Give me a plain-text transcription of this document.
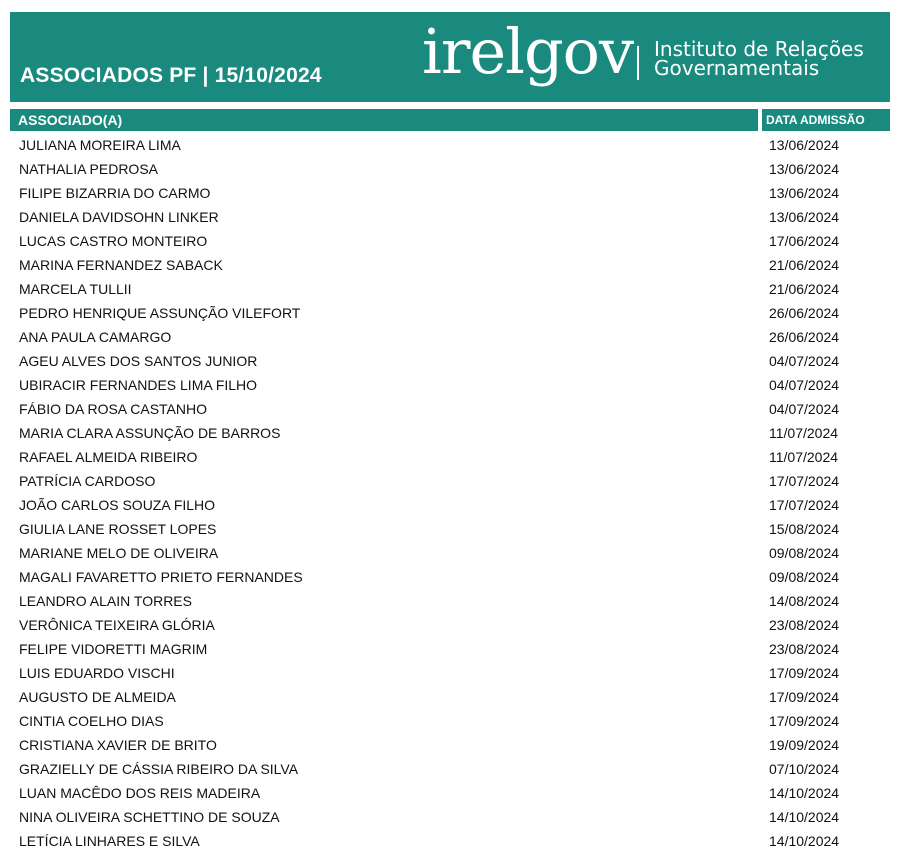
ASSOCIADOS PF | 15/10/2024 irelgov Instituto de Relações
Governamentais
ASSOCIADO(A)	DATA ADMISSÃO
JULIANA MOREIRA LIMA	13/06/2024
NATHALIA PEDROSA	13/06/2024
FILIPE BIZARRIA DO CARMO	13/06/2024
DANIELA DAVIDSOHN LINKER	13/06/2024
LUCAS CASTRO MONTEIRO	17/06/2024
MARINA FERNANDEZ SABACK	21/06/2024
MARCELA TULLII	21/06/2024
PEDRO HENRIQUE ASSUNÇÃO VILEFORT	26/06/2024
ANA PAULA CAMARGO	26/06/2024
AGEU ALVES DOS SANTOS JUNIOR	04/07/2024
UBIRACIR FERNANDES LIMA FILHO	04/07/2024
FÁBIO DA ROSA CASTANHO	04/07/2024
MARIA CLARA ASSUNÇÃO DE BARROS	11/07/2024
RAFAEL ALMEIDA RIBEIRO	11/07/2024
PATRÍCIA CARDOSO	17/07/2024
JOÃO CARLOS SOUZA FILHO	17/07/2024
GIULIA LANE ROSSET LOPES	15/08/2024
MARIANE MELO DE OLIVEIRA	09/08/2024
MAGALI FAVARETTO PRIETO FERNANDES	09/08/2024
LEANDRO ALAIN TORRES	14/08/2024
VERÔNICA TEIXEIRA GLÓRIA	23/08/2024
FELIPE VIDORETTI MAGRIM	23/08/2024
LUIS EDUARDO VISCHI	17/09/2024
AUGUSTO DE ALMEIDA	17/09/2024
CINTIA COELHO DIAS	17/09/2024
CRISTIANA XAVIER DE BRITO	19/09/2024
GRAZIELLY DE CÁSSIA RIBEIRO DA SILVA	07/10/2024
LUAN MACÊDO DOS REIS MADEIRA	14/10/2024
NINA OLIVEIRA SCHETTINO DE SOUZA	14/10/2024
LETÍCIA LINHARES E SILVA	14/10/2024
